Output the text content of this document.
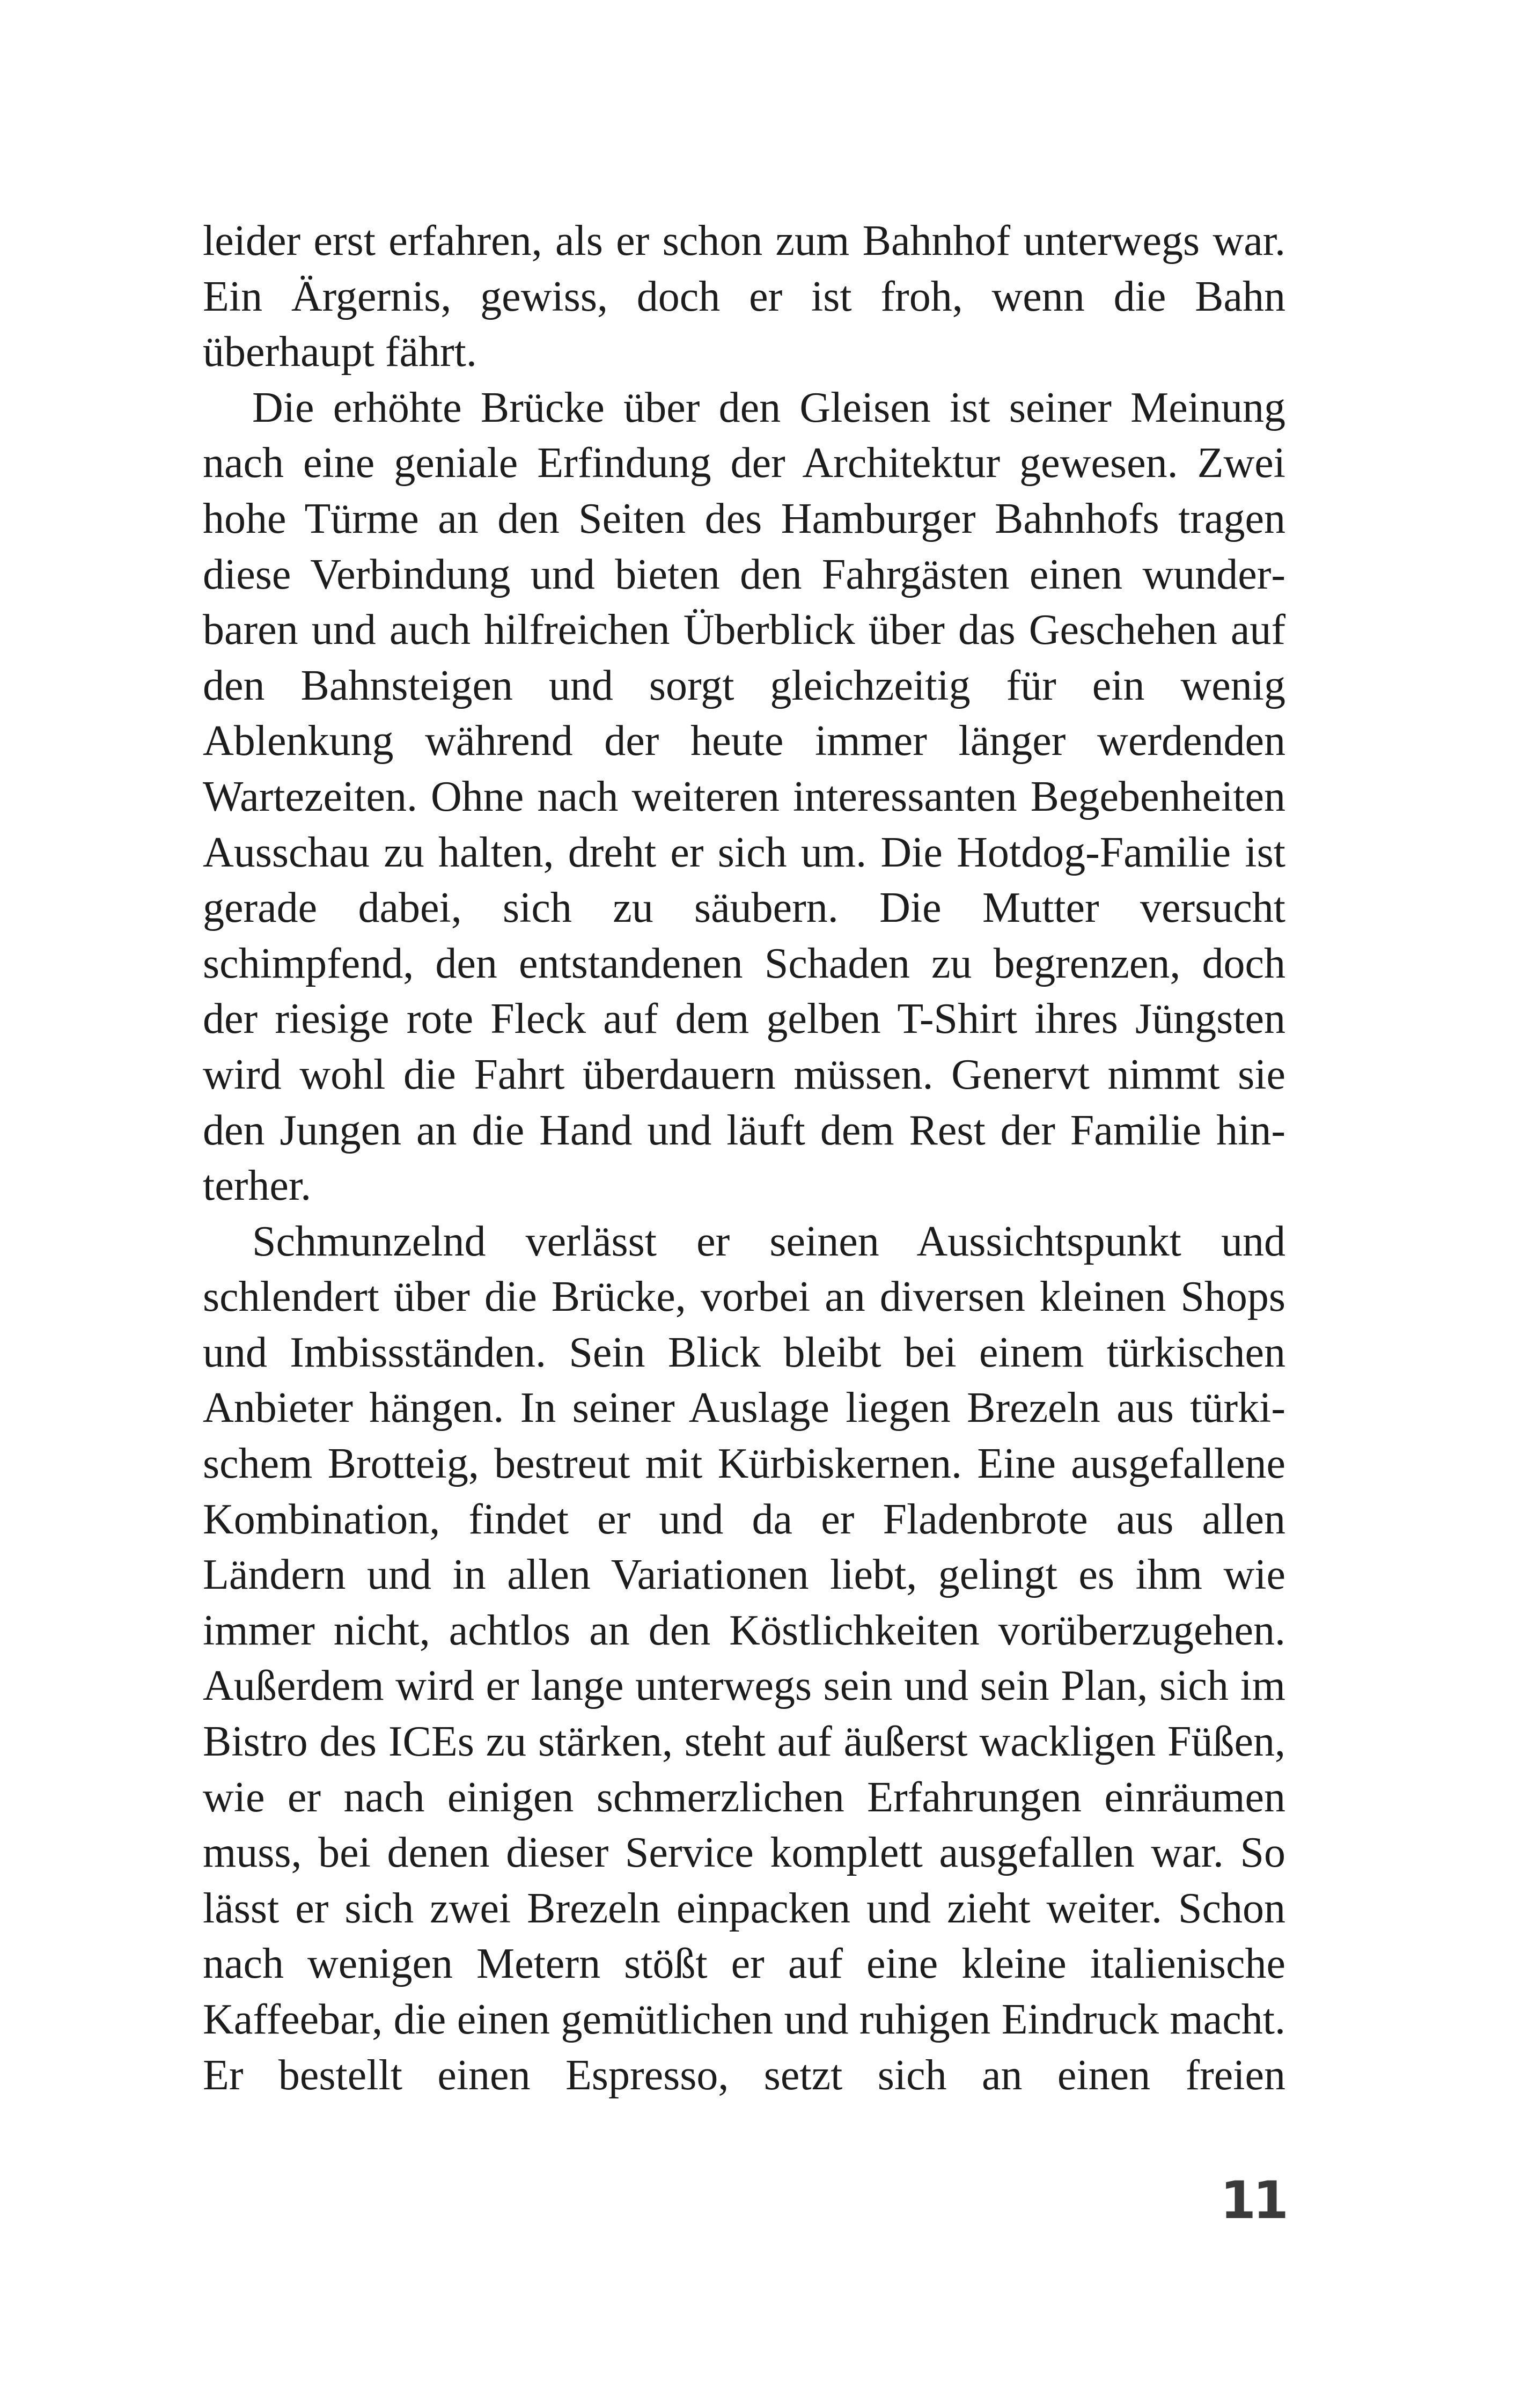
leider erst erfahren, als er schon zum Bahnhof unterwegs war. Ein Ärgernis, gewiss, doch er ist froh, wenn die Bahn überhaupt fährt.

Die erhöhte Brücke über den Gleisen ist seiner Meinung nach eine geniale Erfindung der Architektur gewesen. Zwei hohe Türme an den Seiten des Hamburger Bahnhofs tragen diese Verbindung und bieten den Fahrgästen einen wunderbaren und auch hilfreichen Überblick über das Geschehen auf den Bahnsteigen und sorgt gleichzeitig für ein wenig Ablenkung während der heute immer länger werdenden Wartezeiten. Ohne nach weiteren interessanten Begebenheiten Ausschau zu halten, dreht er sich um. Die Hotdog-Familie ist gerade dabei, sich zu säubern. Die Mutter versucht schimpfend, den entstandenen Schaden zu begrenzen, doch der riesige rote Fleck auf dem gelben T-Shirt ihres Jüngsten wird wohl die Fahrt überdauern müssen. Genervt nimmt sie den Jungen an die Hand und läuft dem Rest der Familie hinterher.

Schmunzelnd verlässt er seinen Aussichtspunkt und schlendert über die Brücke, vorbei an diversen kleinen Shops und Imbissständen. Sein Blick bleibt bei einem türkischen Anbieter hängen. In seiner Auslage liegen Brezeln aus türkischem Brotteig, bestreut mit Kürbiskernen. Eine ausgefallene Kombination, findet er und da er Fladenbrote aus allen Ländern und in allen Variationen liebt, gelingt es ihm wie immer nicht, achtlos an den Köstlichkeiten vorüberzugehen. Außerdem wird er lange unterwegs sein und sein Plan, sich im Bistro des ICEs zu stärken, steht auf äußerst wackligen Füßen, wie er nach einigen schmerzlichen Erfahrungen einräumen muss, bei denen dieser Service komplett ausgefallen war. So lässt er sich zwei Brezeln einpacken und zieht weiter. Schon nach wenigen Metern stößt er auf eine kleine italienische Kaffeebar, die einen gemütlichen und ruhigen Eindruck macht. Er bestellt einen Espresso, setzt sich an einen freien

11
